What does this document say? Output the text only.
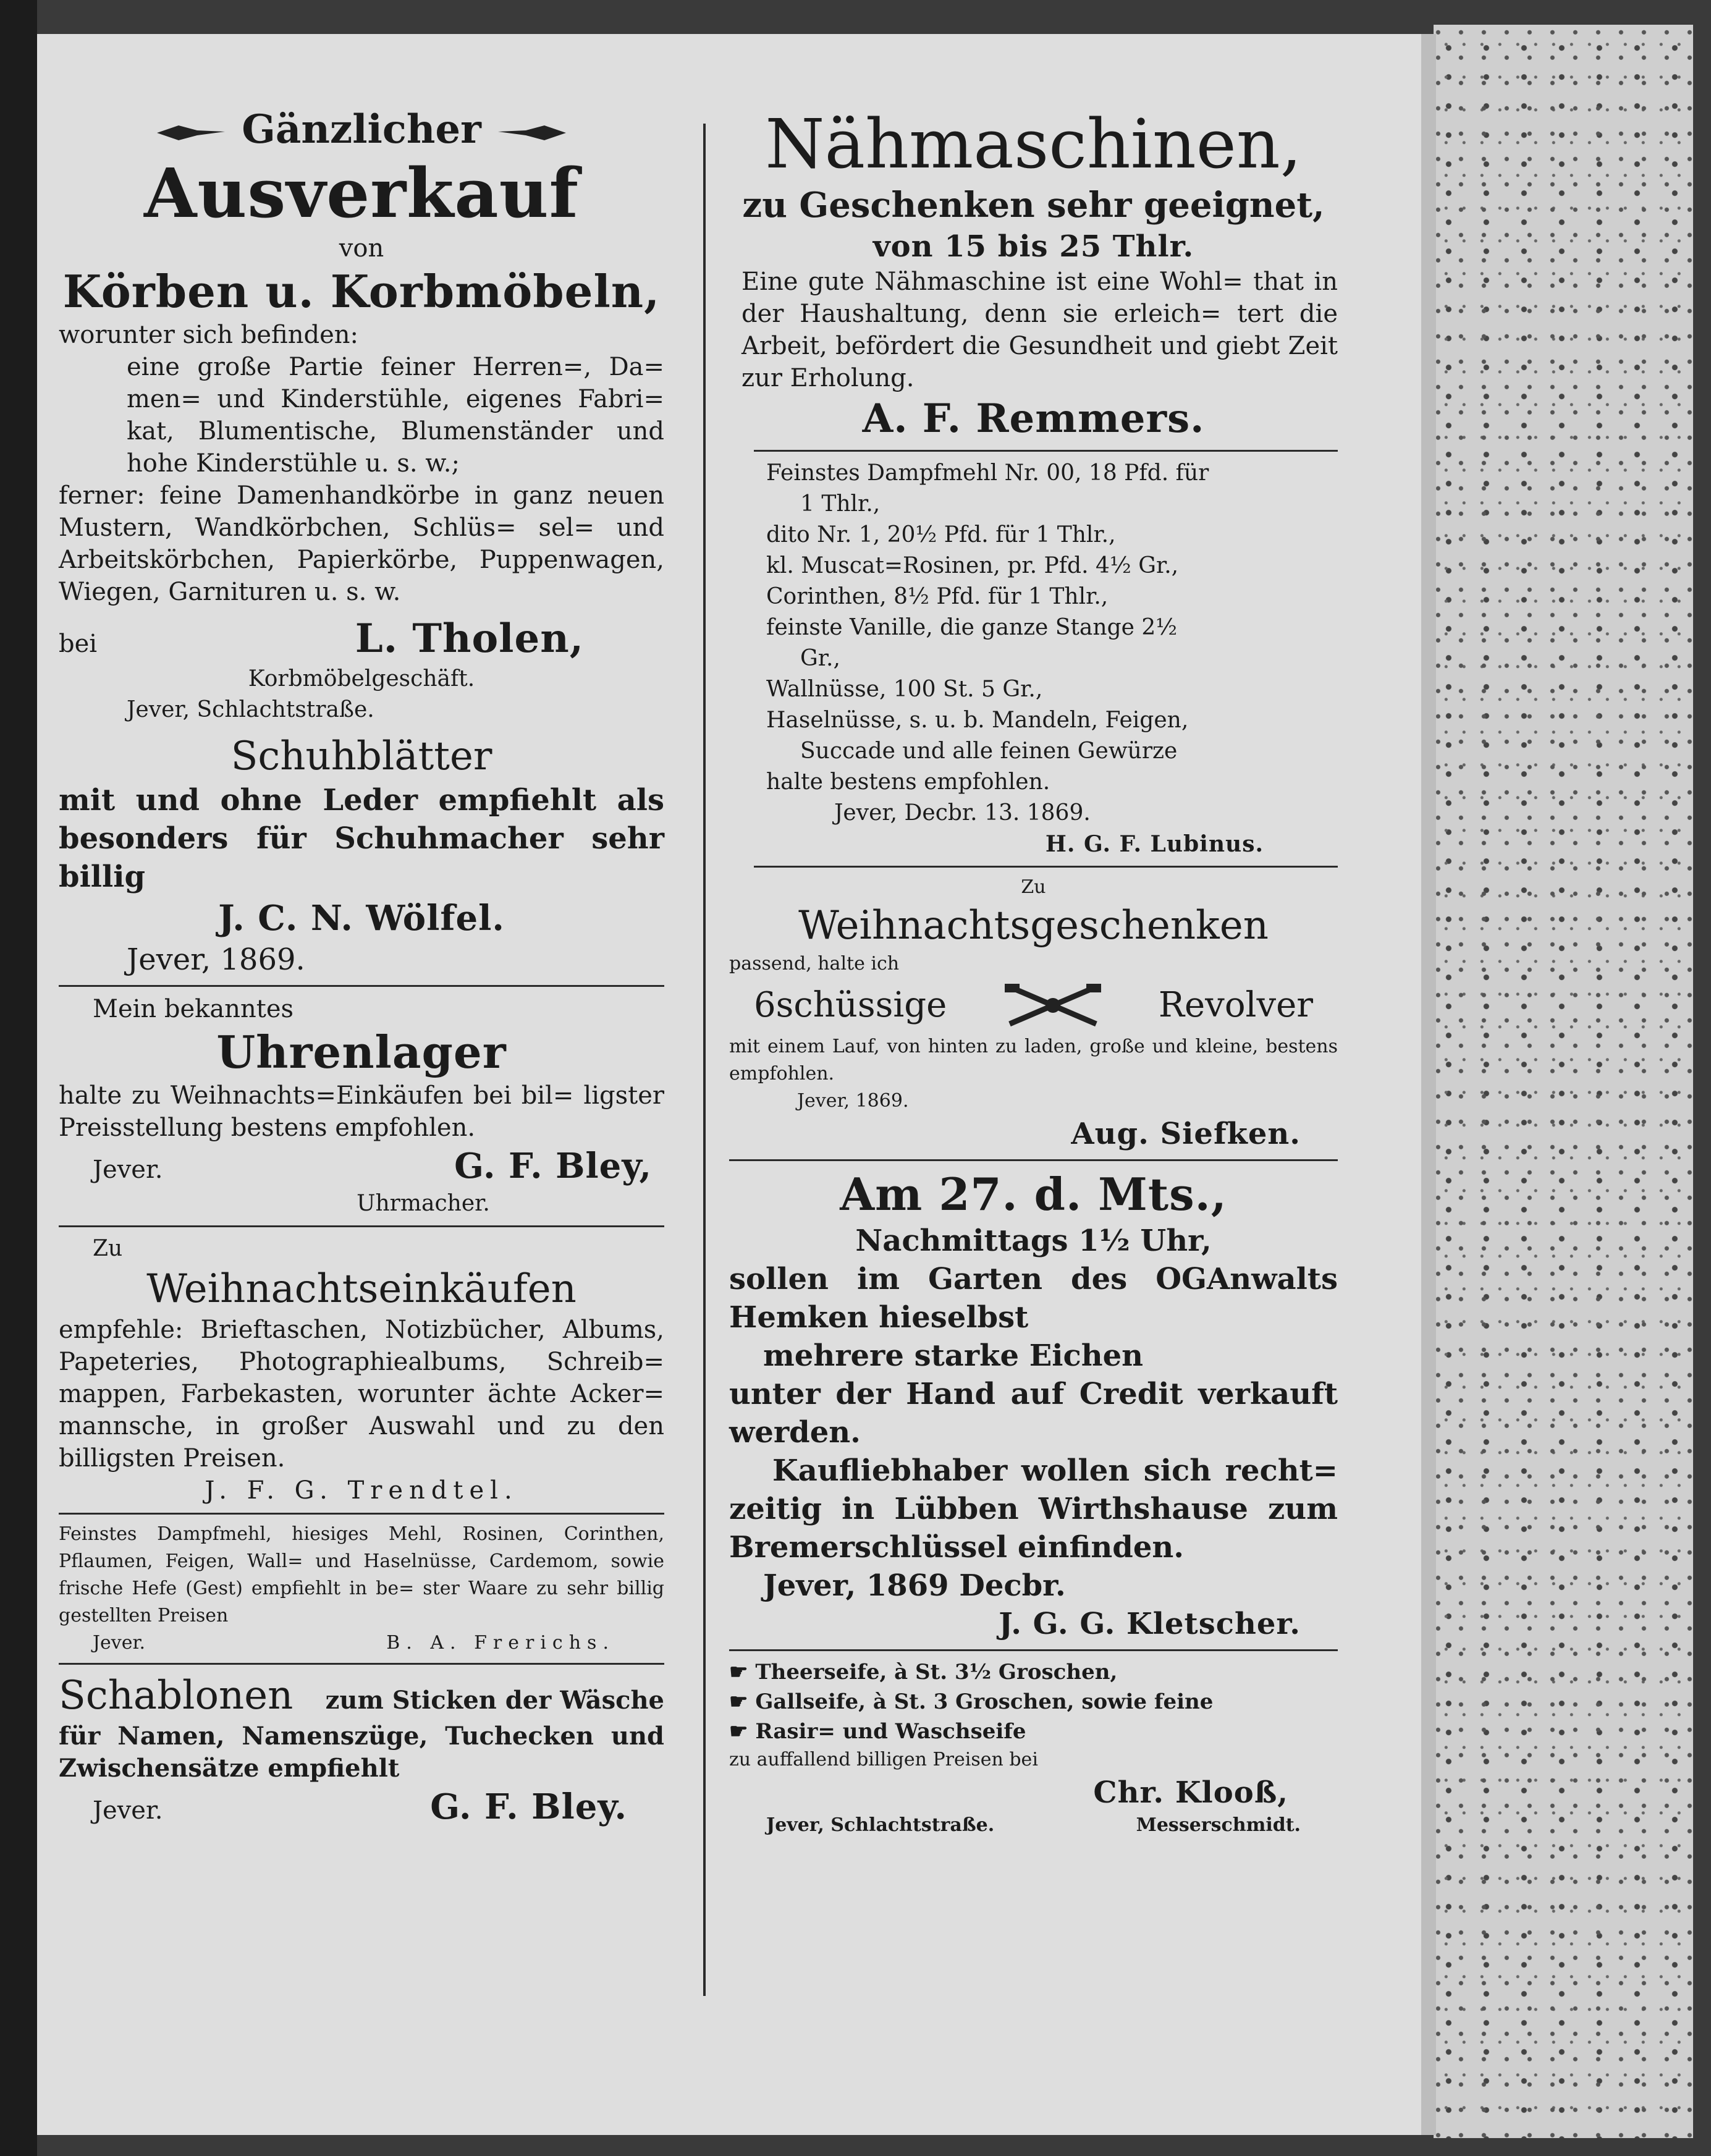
Gänzlicher
Ausverkauf
von
Körben u. Korbmöbeln,
worunter sich befinden:
eine große Partie feiner Herren=, Da= men= und Kinderstühle, eigenes Fabri= kat, Blumentische, Blumenständer und hohe Kinderstühle u. s. w.;
ferner: feine Damenhandkörbe in ganz neuen Mustern, Wandkörbchen, Schlüs= sel= und Arbeitskörbchen, Papierkörbe, Puppenwagen, Wiegen, Garnituren u. s. w.
bei	L. Tholen,
Korbmöbelgeschäft.
Jever, Schlachtstraße.
Schuhblätter
mit und ohne Leder empfiehlt als besonders für Schuhmacher sehr billig
J. C. N. Wölfel.
Jever, 1869.
Mein bekanntes
Uhrenlager
halte zu Weihnachts=Einkäufen bei bil= ligster Preisstellung bestens empfohlen.
Jever.	G. F. Bley,
Uhrmacher.
Zu
Weihnachtseinkäufen
empfehle: Brieftaschen, Notizbücher, Albums, Papeteries, Photographiealbums, Schreib= mappen, Farbekasten, worunter ächte Acker= mannsche, in großer Auswahl und zu den billigsten Preisen.
J. F. G. Trendtel.
Feinstes Dampfmehl, hiesiges Mehl, Rosinen, Corinthen, Pflaumen, Feigen, Wall= und Haselnüsse, Cardemom, sowie frische Hefe (Gest) empfiehlt in be= ster Waare zu sehr billig gestellten Preisen
Jever.	B. A. Frerichs.
Schablonen zum Sticken der Wäsche
für Namen, Namenszüge, Tuchecken und Zwischensätze empfiehlt
Jever.	G. F. Bley.
Nähmaschinen,
zu Geschenken sehr geeignet,
von 15 bis 25 Thlr.
Eine gute Nähmaschine ist eine Wohl= that in der Haushaltung, denn sie erleich= tert die Arbeit, befördert die Gesundheit und giebt Zeit zur Erholung.
A. F. Remmers.
Feinstes Dampfmehl Nr. 00, 18 Pfd. für
1 Thlr.,
dito Nr. 1, 20½ Pfd. für 1 Thlr.,
kl. Muscat=Rosinen, pr. Pfd. 4½ Gr.,
Corinthen, 8½ Pfd. für 1 Thlr.,
feinste Vanille, die ganze Stange 2½
Gr.,
Wallnüsse, 100 St. 5 Gr.,
Haselnüsse, s. u. b. Mandeln, Feigen,
Succade und alle feinen Gewürze
halte bestens empfohlen.
Jever, Decbr. 13. 1869.
H. G. F. Lubinus.
Zu
Weihnachtsgeschenken
passend, halte ich
6schüssige	Revolver
mit einem Lauf, von hinten zu laden, große und kleine, bestens empfohlen.
Jever, 1869.
Aug. Siefken.
Am 27. d. Mts.,
Nachmittags 1½ Uhr,
sollen im Garten des OGAnwalts Hemken hieselbst
mehrere starke Eichen
unter der Hand auf Credit verkauft werden.
Kaufliebhaber wollen sich recht= zeitig in Lübben Wirthshause zum Bremerschlüssel einfinden.
Jever, 1869 Decbr.
J. G. G. Kletscher.
☛ Theerseife, à St. 3½ Groschen,
☛ Gallseife, à St. 3 Groschen, sowie feine
☛ Rasir= und Waschseife
zu auffallend billigen Preisen bei
Chr. Klooß,
Jever, Schlachtstraße.	Messerschmidt.
